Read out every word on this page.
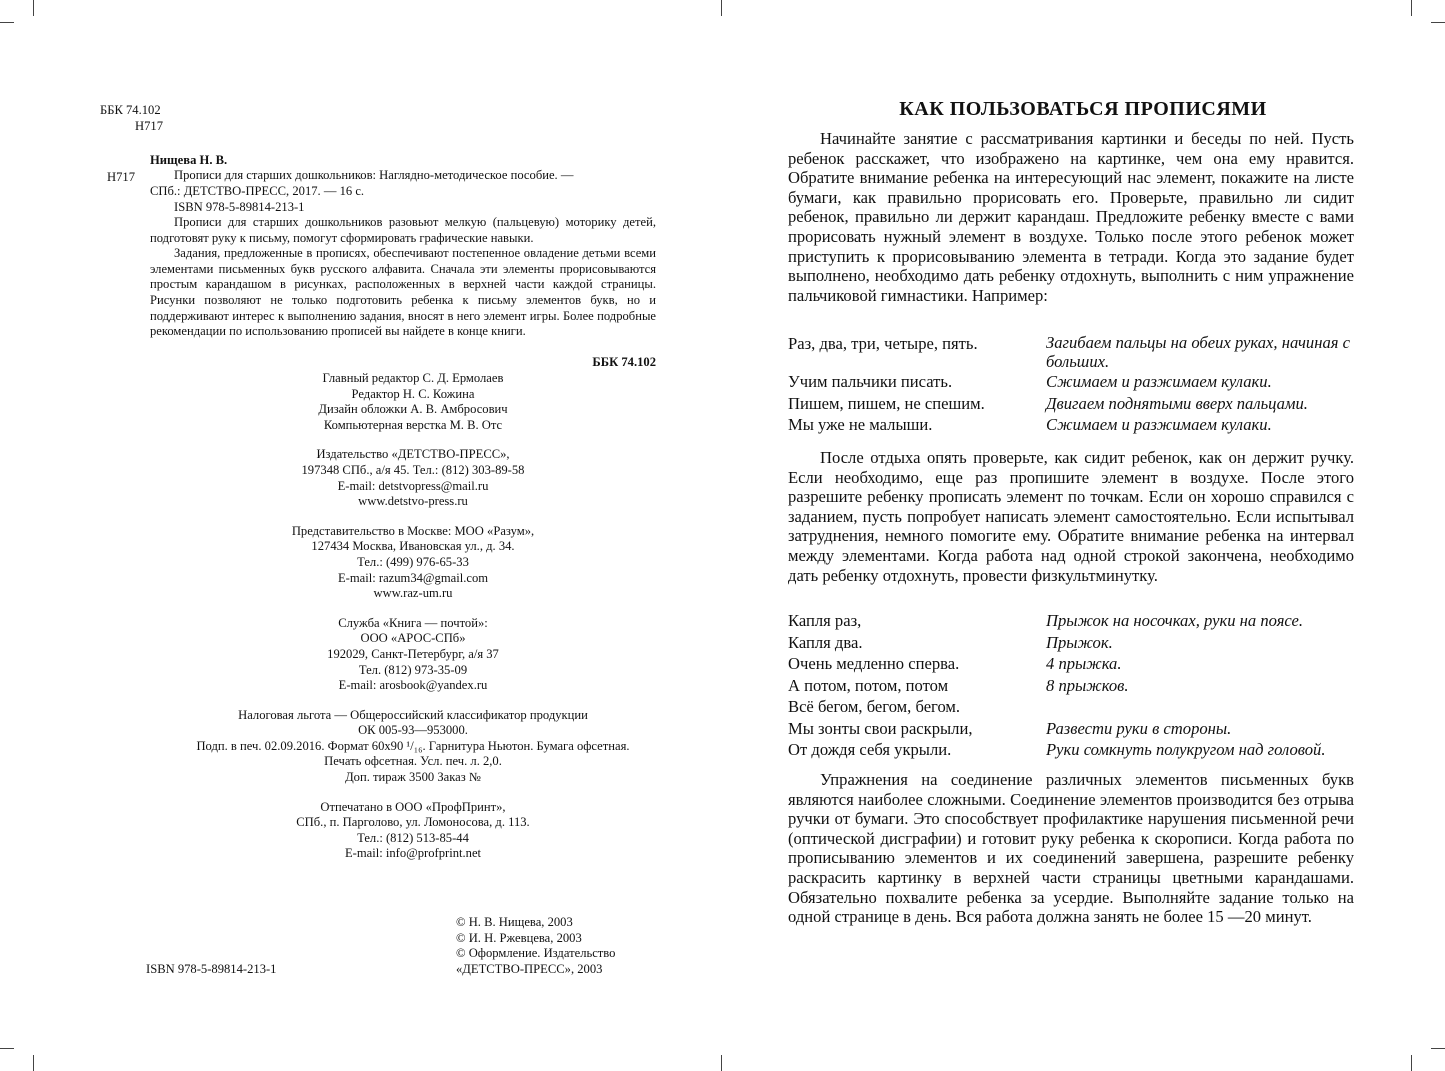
ББК 74.102
Н717
Нищева Н. В.
Н717	Прописи для старших дошкольников: Наглядно-методическое пособие. —
СПб.: ДЕТСТВО-ПРЕСС, 2017. — 16 с.
ISBN 978-5-89814-213-1

Прописи для старших дошкольников разовьют мелкую (пальцевую) моторику детей, подготовят руку к письму, помогут сформировать графические навыки.

Задания, предложенные в прописях, обеспечивают постепенное овладение детьми всеми элементами письменных букв русского алфавита. Сначала эти элементы прорисовываются простым карандашом в рисунках, расположенных в верхней части каждой страницы. Рисунки позволяют не только подготовить ребенка к письму элементов букв, но и поддерживают интерес к выполнению задания, вносят в него элемент игры. Более подробные рекомендации по использованию прописей вы найдете в конце книги.

ББК 74.102
Главный редактор С. Д. Ермолаев
Редактор Н. С. Кожина
Дизайн обложки А. В. Амбросович
Компьютерная верстка М. В. Отс
Издательство «ДЕТСТВО-ПРЕСС»,
197348 СПб., а/я 45. Тел.: (812) 303-89-58
E-mail: detstvopress@mail.ru
www.detstvo-press.ru
Представительство в Москве: МОО «Разум»,
127434 Москва, Ивановская ул., д. 34.
Тел.: (499) 976-65-33
E-mail: razum34@gmail.com
www.raz-um.ru
Служба «Книга — почтой»:
ООО «АРОС-СПб»
192029, Санкт-Петербург, а/я 37
Тел. (812) 973-35-09
E-mail: arosbook@yandex.ru
Налоговая льгота — Общероссийский классификатор продукции
ОК 005-93—953000.
Подп. в печ. 02.09.2016. Формат 60x90 ¹/₁₆. Гарнитура Ньютон. Бумага офсетная.
Печать офсетная. Усл. печ. л. 2,0.
Доп. тираж 3500 Заказ №
Отпечатано в ООО «ПрофПринт»,
СПб., п. Парголово, ул. Ломоносова, д. 113.
Тел.: (812) 513-85-44
E-mail: info@profprint.net
ISBN 978-5-89814-213-1
© Н. В. Нищева, 2003
© И. Н. Ржевцева, 2003
© Оформление. Издательство
«ДЕТСТВО-ПРЕСС», 2003
КАК ПОЛЬЗОВАТЬСЯ ПРОПИСЯМИ

Начинайте занятие с рассматривания картинки и беседы по ней. Пусть ребенок расскажет, что изображено на картинке, чем она ему нравится. Обратите внимание ребенка на интересующий нас элемент, покажите на листе бумаги, как правильно прорисовать его. Проверьте, правильно ли сидит ребенок, правильно ли держит карандаш. Предложите ребенку вместе с вами прорисовать нужный элемент в воздухе. Только после этого ребенок может приступить к прорисовыванию элемента в тетради. Когда это задание будет выполнено, необходимо дать ребенку отдохнуть, выполнить с ним упражнение пальчиковой гимнастики. Например:

Раз, два, три, четыре, пять.	Загибаем пальцы на обеих руках, начиная с больших.
Учим пальчики писать.	Сжимаем и разжимаем кулаки.
Пишем, пишем, не спешим.	Двигаем поднятыми вверх пальцами.
Мы уже не малыши.	Сжимаем и разжимаем кулаки.

После отдыха опять проверьте, как сидит ребенок, как он держит ручку. Если необходимо, еще раз пропишите элемент в воздухе. После этого разрешите ребенку прописать элемент по точкам. Если он хорошо справился с заданием, пусть попробует написать элемент самостоятельно. Если испытывал затруднения, немного помогите ему. Обратите внимание ребенка на интервал между элементами. Когда работа над одной строкой закончена, необходимо дать ребенку отдохнуть, провести физкультминутку.

Капля раз,	Прыжок на носочках, руки на поясе.
Капля два.	Прыжок.
Очень медленно сперва.	4 прыжка.
А потом, потом, потом	8 прыжков.
Всё бегом, бегом, бегом.
Мы зонты свои раскрыли,	Развести руки в стороны.
От дождя себя укрыли.	Руки сомкнуть полукругом над головой.

Упражнения на соединение различных элементов письменных букв являются наиболее сложными. Соединение элементов производится без отрыва ручки от бумаги. Это способствует профилактике нарушения письменной речи (оптической дисграфии) и готовит руку ребенка к скорописи. Когда работа по прописыванию элементов и их соединений завершена, разрешите ребенку раскрасить картинку в верхней части страницы цветными карандашами. Обязательно похвалите ребенка за усердие. Выполняйте задание только на одной странице в день. Вся работа должна занять не более 15 —20 минут.
